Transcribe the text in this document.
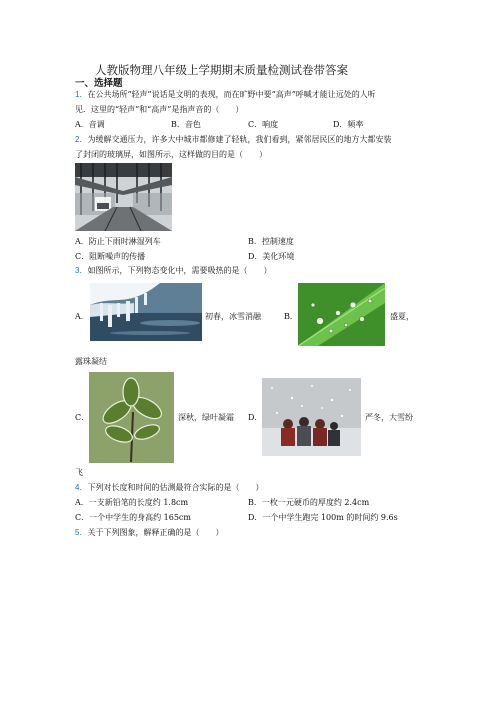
人教版物理八年级上学期期末质量检测试卷带答案
一、选择题
1．在公共场所“轻声”说话是文明的表现，而在旷野中要“高声”呼喊才能让远处的人听
见．这里的“轻声”和“高声”是指声音的（　　）
A．音调	B．音色	C．响度	D．频率
2．为缓解交通压力，许多大中城市都修建了轻轨，我们看到，紧邻居民区的地方大都安装
了封闭的玻璃屏，如图所示，这样做的目的是（　　）
A．防止下雨时淋湿列车	B．控制速度
C．阻断噪声的传播	D．美化环境
3．如图所示，下列物态变化中，需要吸热的是（　　）
A．	初春，冰雪消融	B．	盛夏，
露珠凝结
C．	深秋，绿叶凝霜 D．	严冬，大雪纷
飞
4．下列对长度和时间的估测最符合实际的是（　　）
A．一支新铅笔的长度约 1.8cm	B．一枚一元硬币的厚度约 2.4cm
C．一个中学生的身高约 165cm	D．一个中学生跑完 100m 的时间约 9.6s
5．关于下列图象，解释正确的是（　　）
